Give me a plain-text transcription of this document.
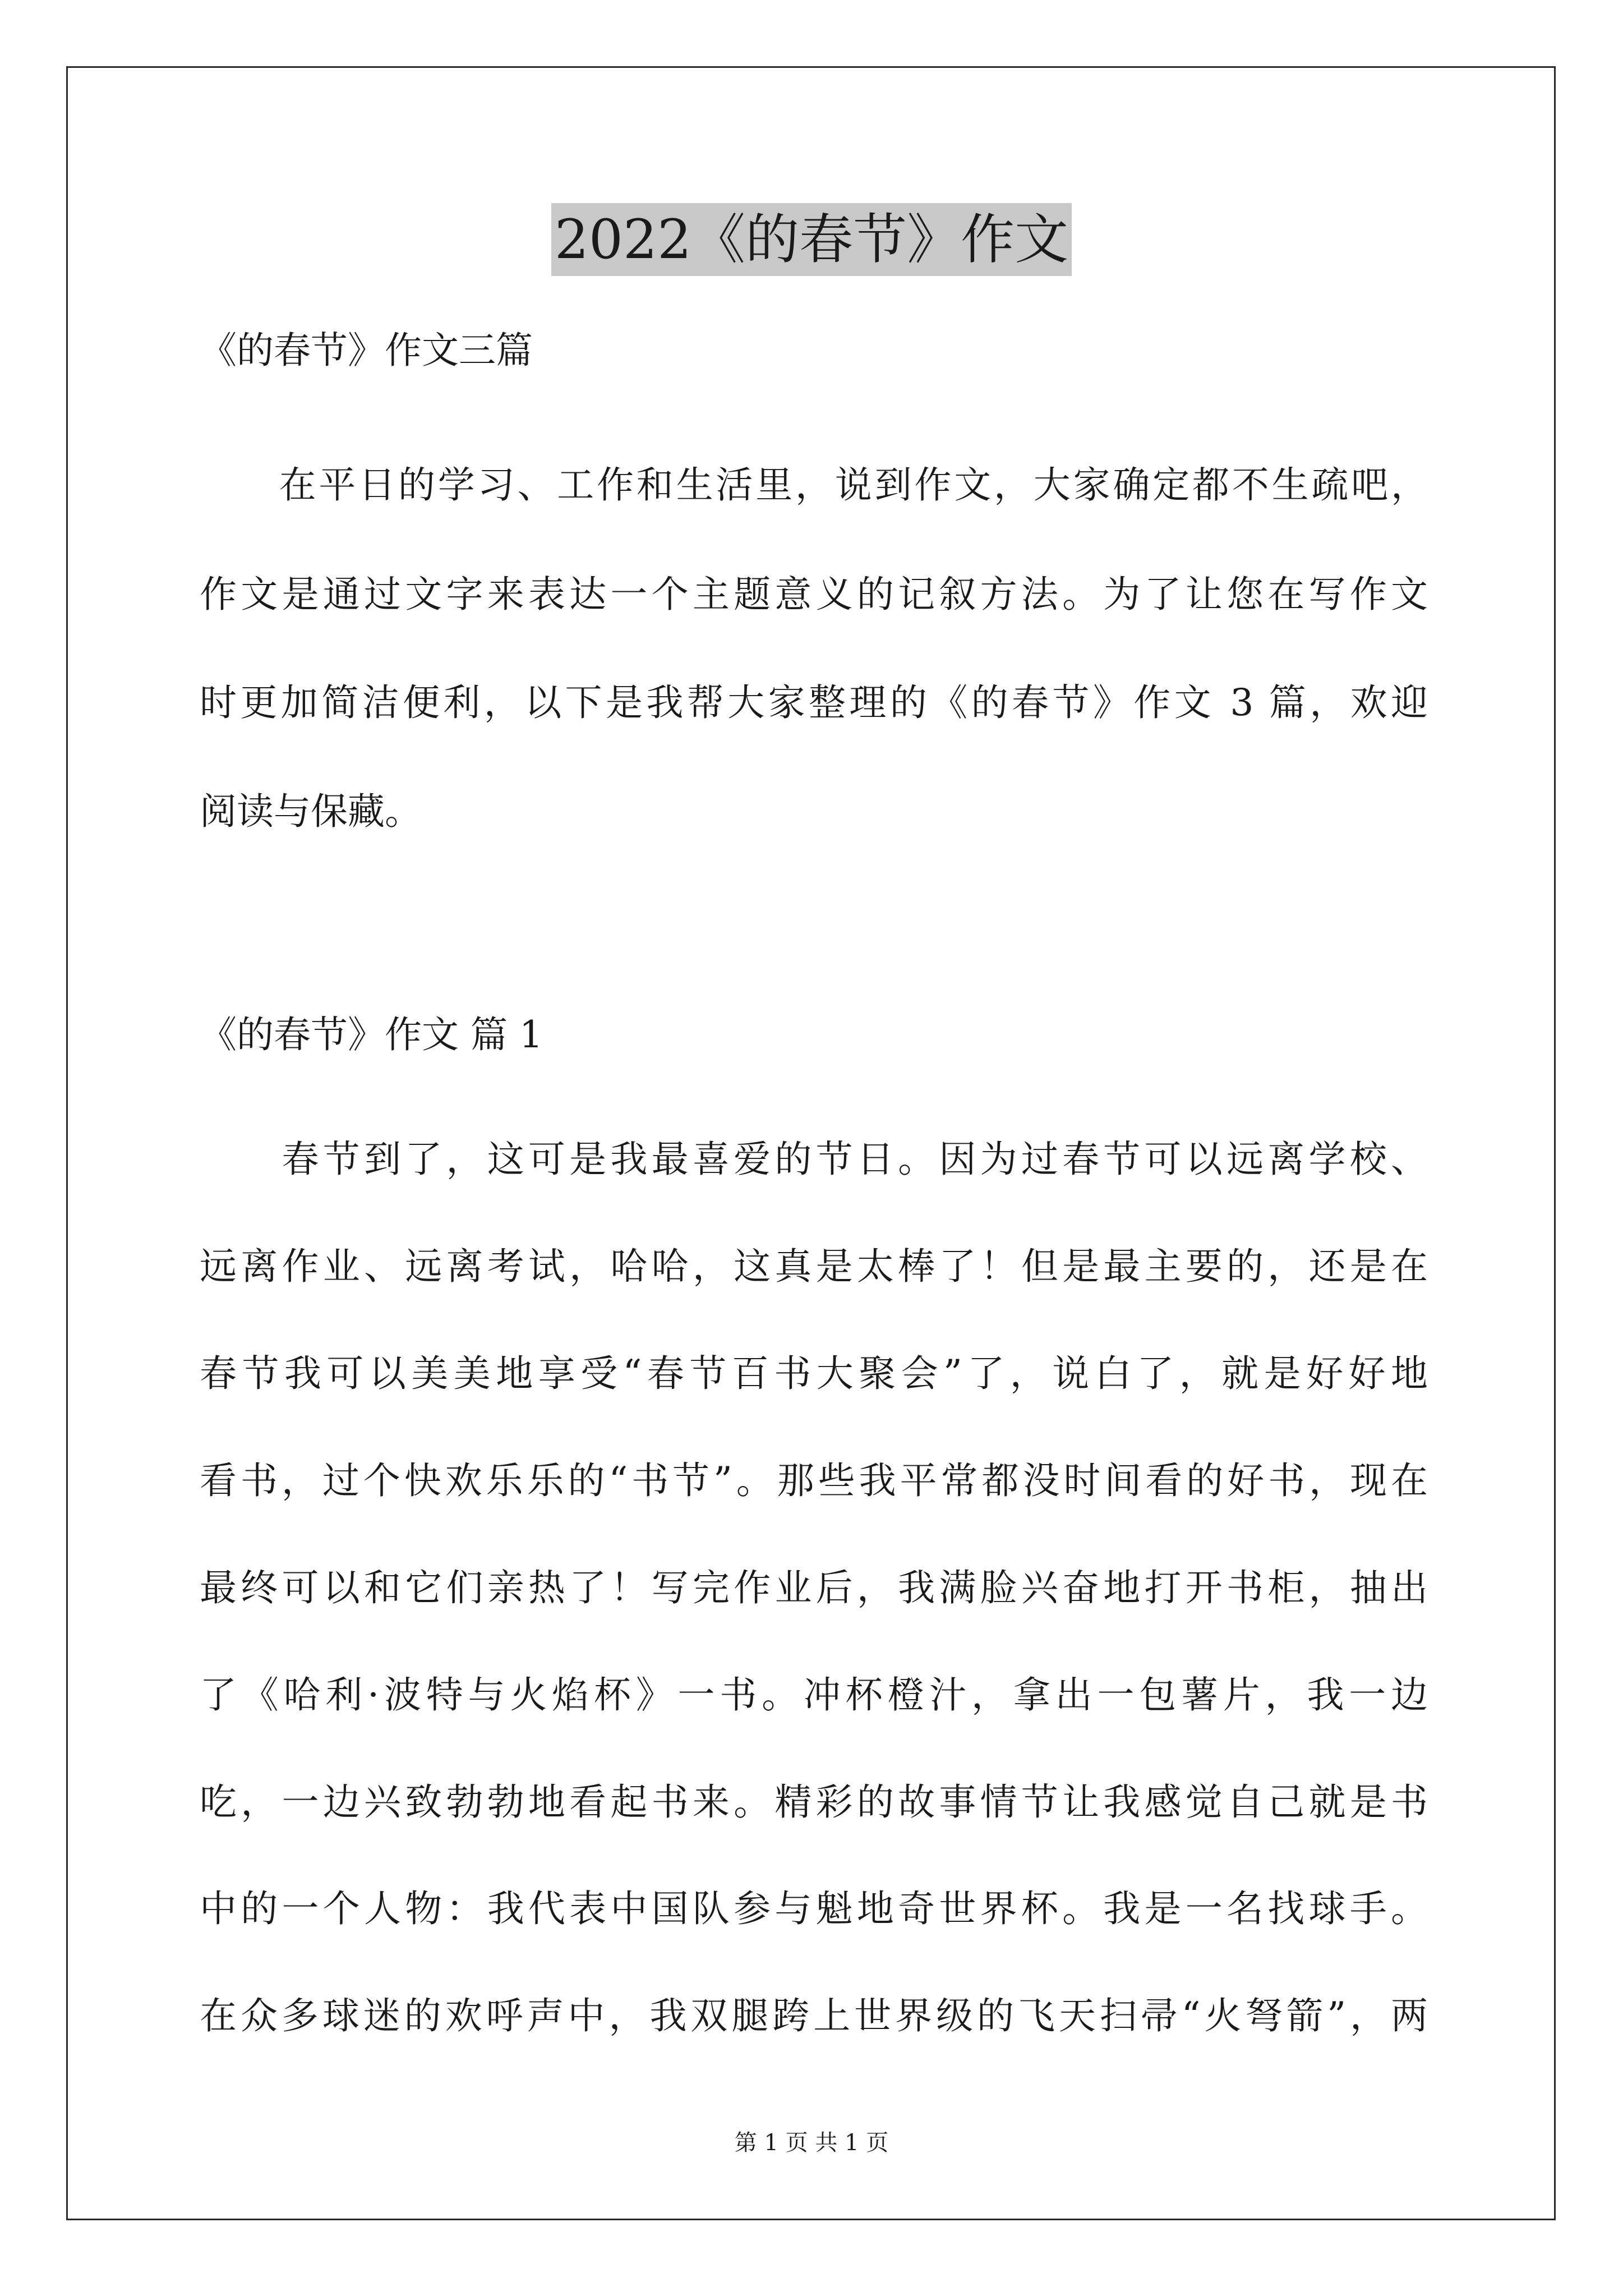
2022《的春节》作文
《的春节》作文三篇
　　在平日的学习、工作和生活里，说到作文，大家确定都不生疏吧，
作文是通过文字来表达一个主题意义的记叙方法。为了让您在写作文
时更加简洁便利，以下是我帮大家整理的《的春节》作文 3 篇，欢迎
阅读与保藏。
《的春节》作文 篇 1
　　春节到了，这可是我最喜爱的节日。因为过春节可以远离学校、
远离作业、远离考试，哈哈，这真是太棒了！但是最主要的，还是在
春节我可以美美地享受“春节百书大聚会”了，说白了，就是好好地
看书，过个快欢乐乐的“书节”。那些我平常都没时间看的好书，现在
最终可以和它们亲热了！写完作业后，我满脸兴奋地打开书柜，抽出
了《哈利·波特与火焰杯》一书。冲杯橙汁，拿出一包薯片，我一边
吃，一边兴致勃勃地看起书来。精彩的故事情节让我感觉自己就是书
中的一个人物：我代表中国队参与魁地奇世界杯。我是一名找球手。
在众多球迷的欢呼声中，我双腿跨上世界级的飞天扫帚“火弩箭”，两
第 1 页 共 1 页
